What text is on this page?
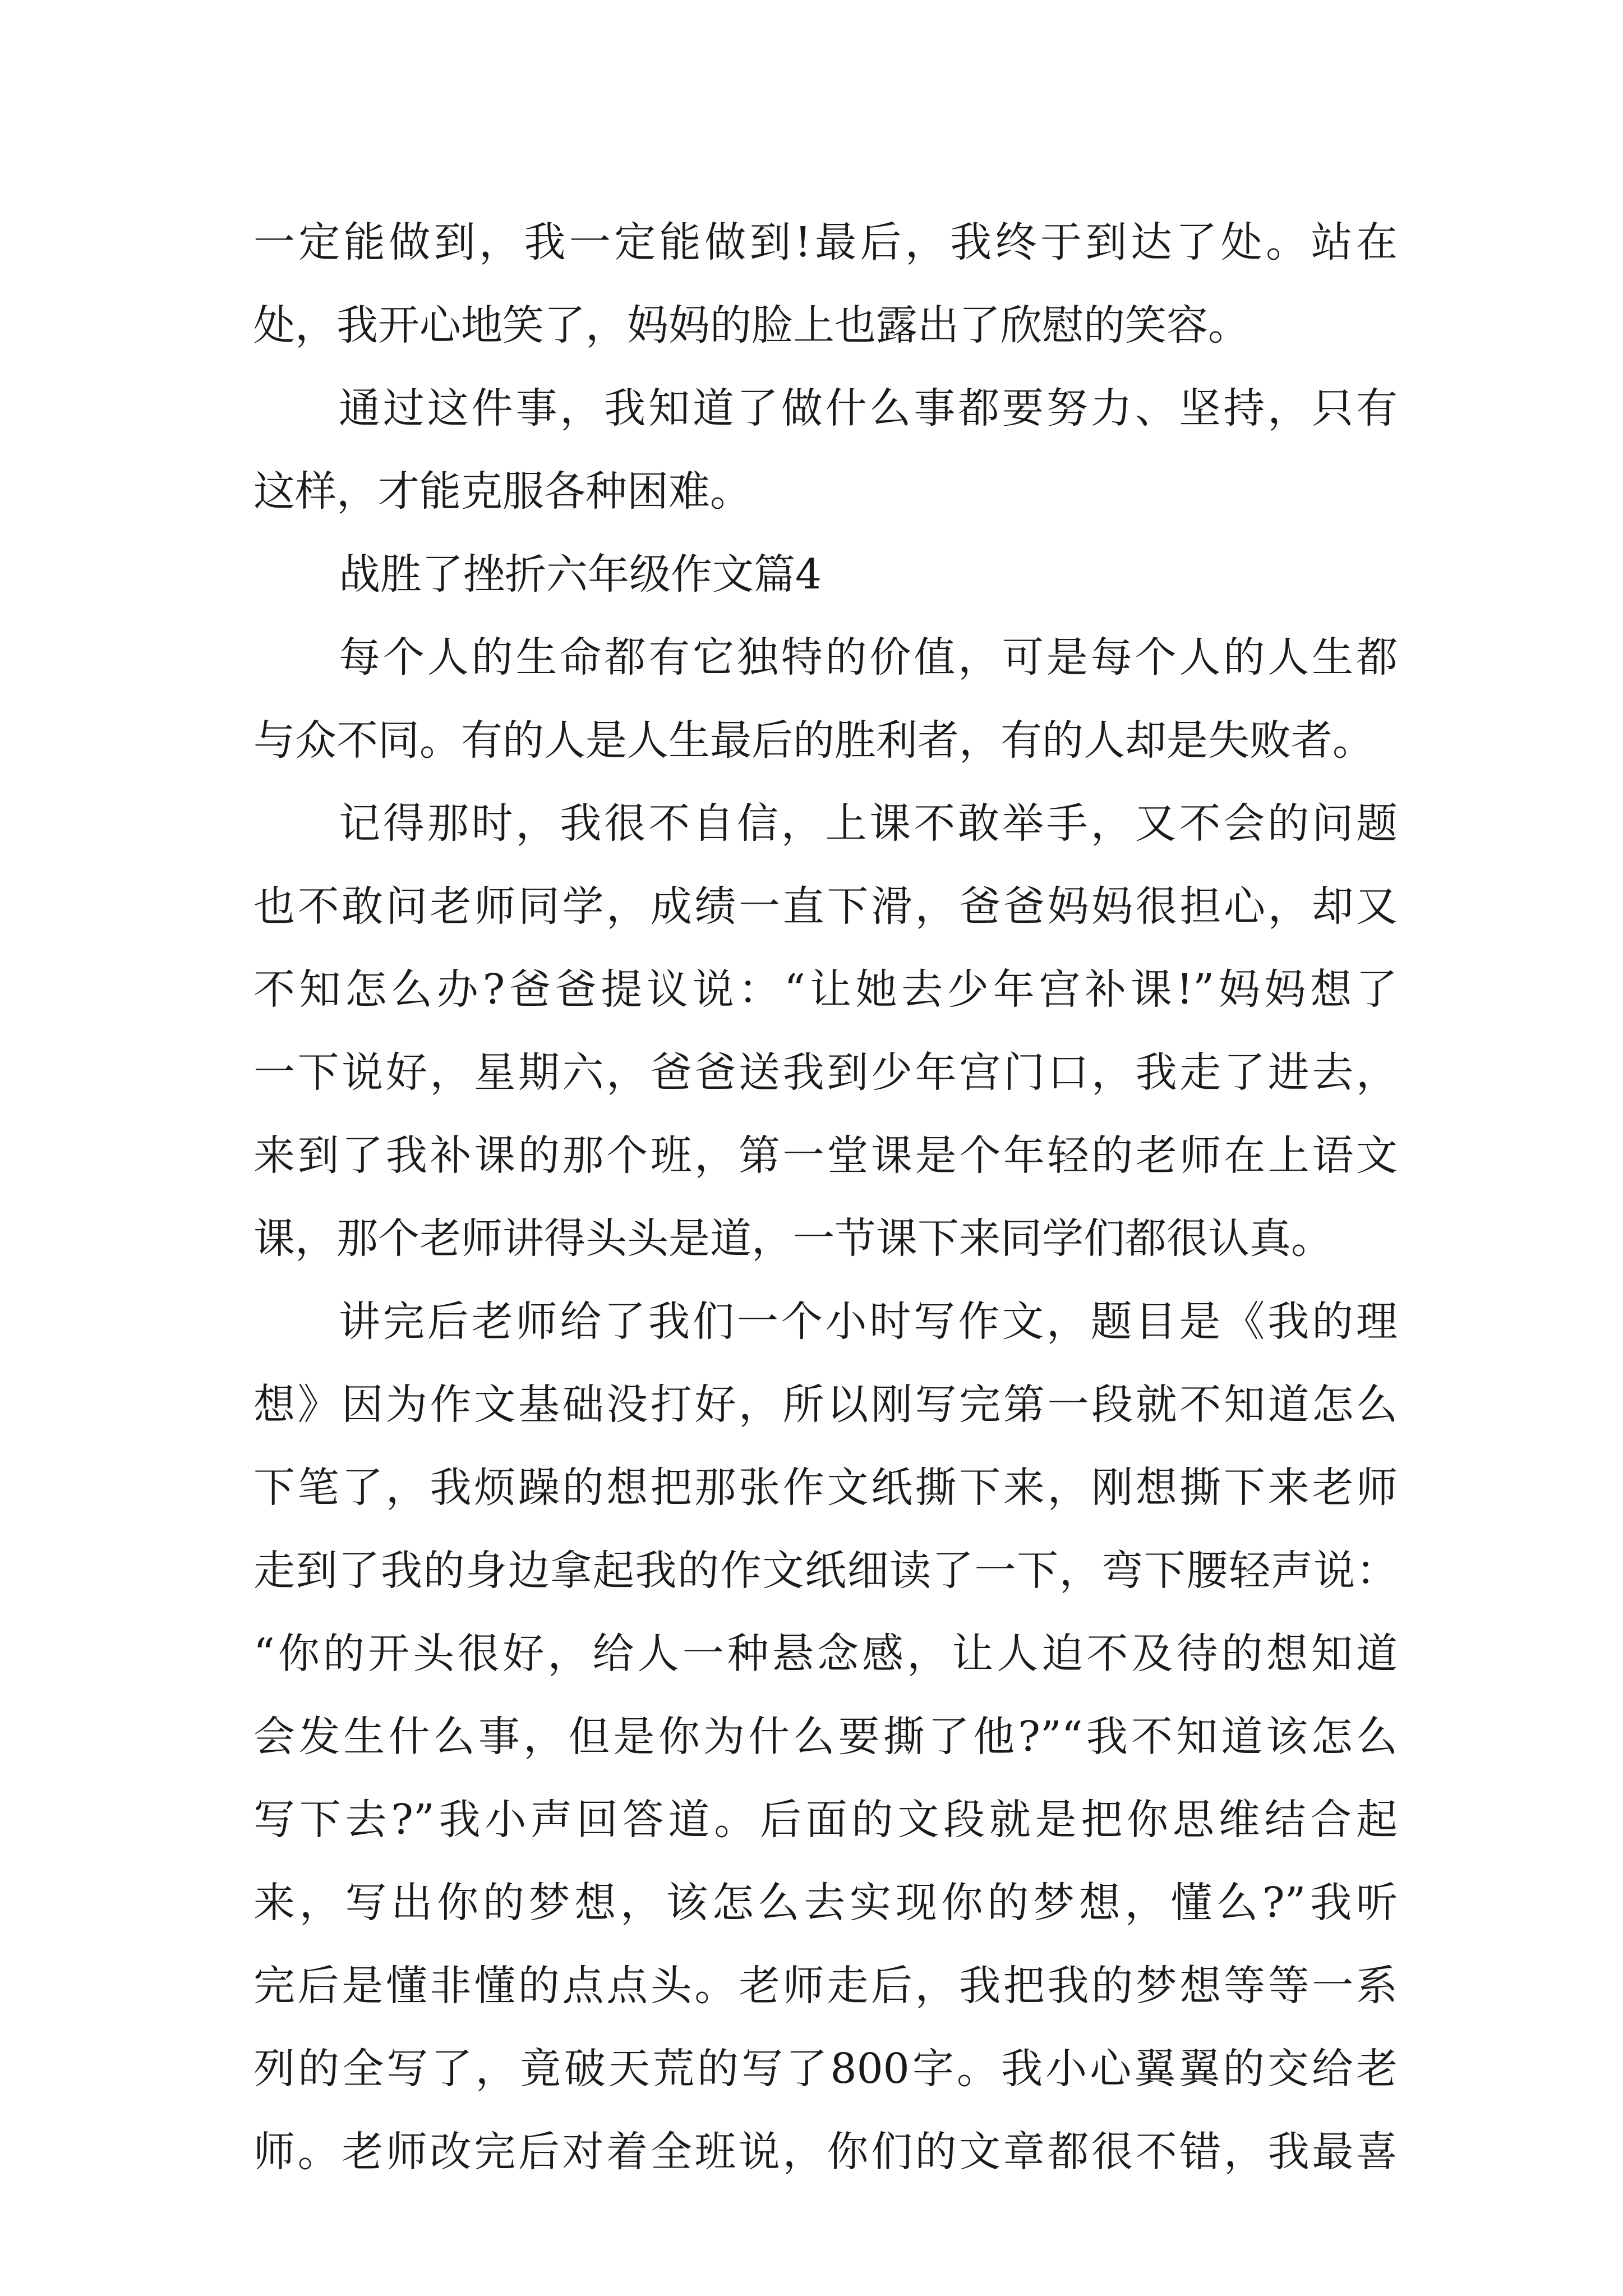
一定能做到，我一定能做到!最后，我终于到达了处。站在
处，我开心地笑了，妈妈的脸上也露出了欣慰的笑容。
通过这件事，我知道了做什么事都要努力、坚持，只有
这样，才能克服各种困难。
战胜了挫折六年级作文篇4
每个人的生命都有它独特的价值，可是每个人的人生都
与众不同。有的人是人生最后的胜利者，有的人却是失败者。
记得那时，我很不自信，上课不敢举手，又不会的问题
也不敢问老师同学，成绩一直下滑，爸爸妈妈很担心，却又
不知怎么办?爸爸提议说：“让她去少年宫补课!”妈妈想了
一下说好，星期六，爸爸送我到少年宫门口，我走了进去，
来到了我补课的那个班，第一堂课是个年轻的老师在上语文
课，那个老师讲得头头是道，一节课下来同学们都很认真。
讲完后老师给了我们一个小时写作文，题目是《我的理
想》因为作文基础没打好，所以刚写完第一段就不知道怎么
下笔了，我烦躁的想把那张作文纸撕下来，刚想撕下来老师
走到了我的身边拿起我的作文纸细读了一下，弯下腰轻声说：
“你的开头很好，给人一种悬念感，让人迫不及待的想知道
会发生什么事，但是你为什么要撕了他?”“我不知道该怎么
写下去?”我小声回答道。后面的文段就是把你思维结合起
来，写出你的梦想，该怎么去实现你的梦想，懂么?”我听
完后是懂非懂的点点头。老师走后，我把我的梦想等等一系
列的全写了，竟破天荒的写了800字。我小心翼翼的交给老
师。老师改完后对着全班说，你们的文章都很不错，我最喜
